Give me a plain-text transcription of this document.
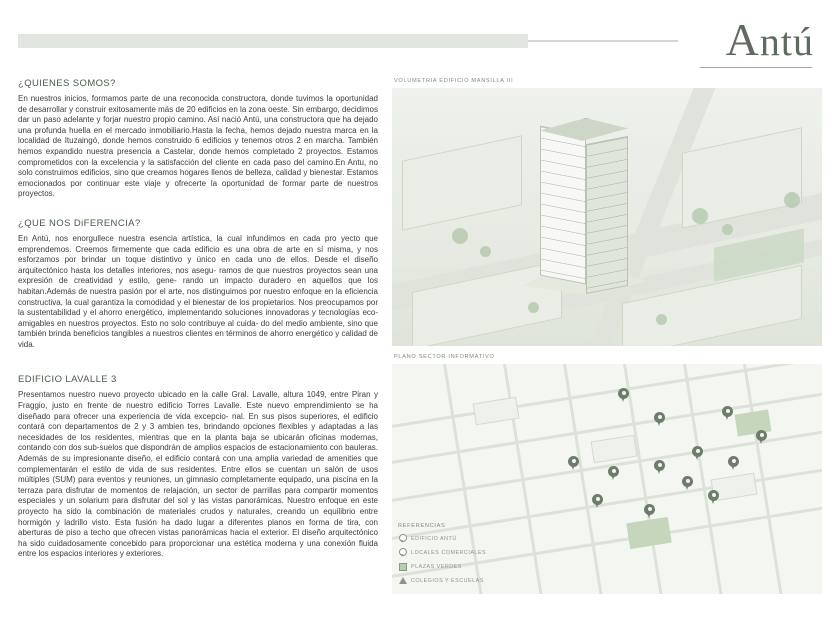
Antú
¿QUIENES SOMOS?

En nuestros inicios, formamos parte de una reconocida constructora, donde tuvimos la oportunidad de desarrollar y construir exitosamente más de 20 edificios en la zona oeste. Sin embargo, decidimos dar un paso adelante y forjar nuestro propio camino. Así nació Antú, una constructora que ha dejado una profunda huella en el mercado inmobiliario.Hasta la fecha, hemos dejado nuestra marca en la localidad de Ituzaingó, donde hemos construido 6 edificios y tenemos otros 2 en marcha. También hemos expandido nuestra presencia a Castelar, donde hemos completado 2 proyectos. Estamos comprometidos con la excelencia y la satisfacción del cliente en cada paso del camino.En Antu, no solo construimos edificios, sino que creamos hogares llenos de belleza, calidad y bienestar. Estamos emocionados por continuar este viaje y ofrecerte la oportunidad de formar parte de nuestros proyectos.

¿QUE NOS DiFERENCIA?

En Antú, nos enorgullece nuestra esencia artística, la cual infundimos en cada pro yecto que emprendemos. Creemos firmemente que cada edificio es una obra de arte en sí misma, y nos esforzamos por brindar un toque distintivo y único en cada uno de ellos. Desde el diseño arquitectónico hasta los detalles interiores, nos asegu- ramos de que nuestros proyectos sean una expresión de creatividad y estilo, gene- rando un impacto duradero en aquellos que los habitan.Además de nuestra pasión por el arte, nos distinguimos por nuestro enfoque en la eficiencia constructiva, la cual garantiza la comodidad y el bienestar de los propietarios. Nos preocupamos por la sustentabilidad y el ahorro energético, implementando soluciones innovadoras y tecnologías eco-amigables en nuestros proyectos. Esto no solo contribuye al cuida- do del medio ambiente, sino que también brinda beneficios tangibles a nuestros clientes en términos de ahorro energético y calidad de vida.

EDIFICIO LAVALLE 3

Presentamos nuestro nuevo proyecto ubicado en la calle Gral. Lavalle, altura 1049, entre Piran y Fraggio, justo en frente de nuestro edificio Torres Lavalle. Este nuevo emprendimiento se ha diseñado para ofrecer una experiencia de vida excepcio- nal. En sus pisos superiores, el edificio contará con departamentos de 2 y 3 ambien tes, brindando opciones flexibles y adaptadas a las necesidades de los residentes, mientras que en la planta baja se ubicarán oficinas modernas, contando con dos sub-suelos que dispondrán de amplios espacios de estacionamiento con bauleras. Además de su impresionante diseño, el edificio contará con una amplia variedad de amenities que complementarán el estilo de vida de sus residentes. Entre ellos se cuentan un salón de usos múltiples (SUM) para eventos y reuniones, un gimnasio completamente equipado, una piscina en la terraza para disfrutar de momentos de relajación, un sector de parrillas para compartir momentos especiales y un solarium para disfrutar del sol y las vistas panorámicas. Nuestro enfoque en este proyecto ha sido la combinación de materiales crudos y naturales, creando un equilibrio entre hormigón y ladrillo visto. Esta fusión ha dado lugar a diferentes planos en forma de tira, con aberturas de piso a techo que ofrecen vistas panorámicas hacia el exterior. El diseño arquitectónico ha sido cuidadosamente concebido para proporcionar una estética moderna y una conexión fluida entre los espacios interiores y exteriores.

VOLUMETRIA EDIFICIO MANSILLA III
PLANO SECTOR INFORMATIVO
REFERENCIAS
EDIFICIO ANTÚ
LOCALES COMERCIALES
PLAZAS VERDES
COLEGIOS Y ESCUELAS
